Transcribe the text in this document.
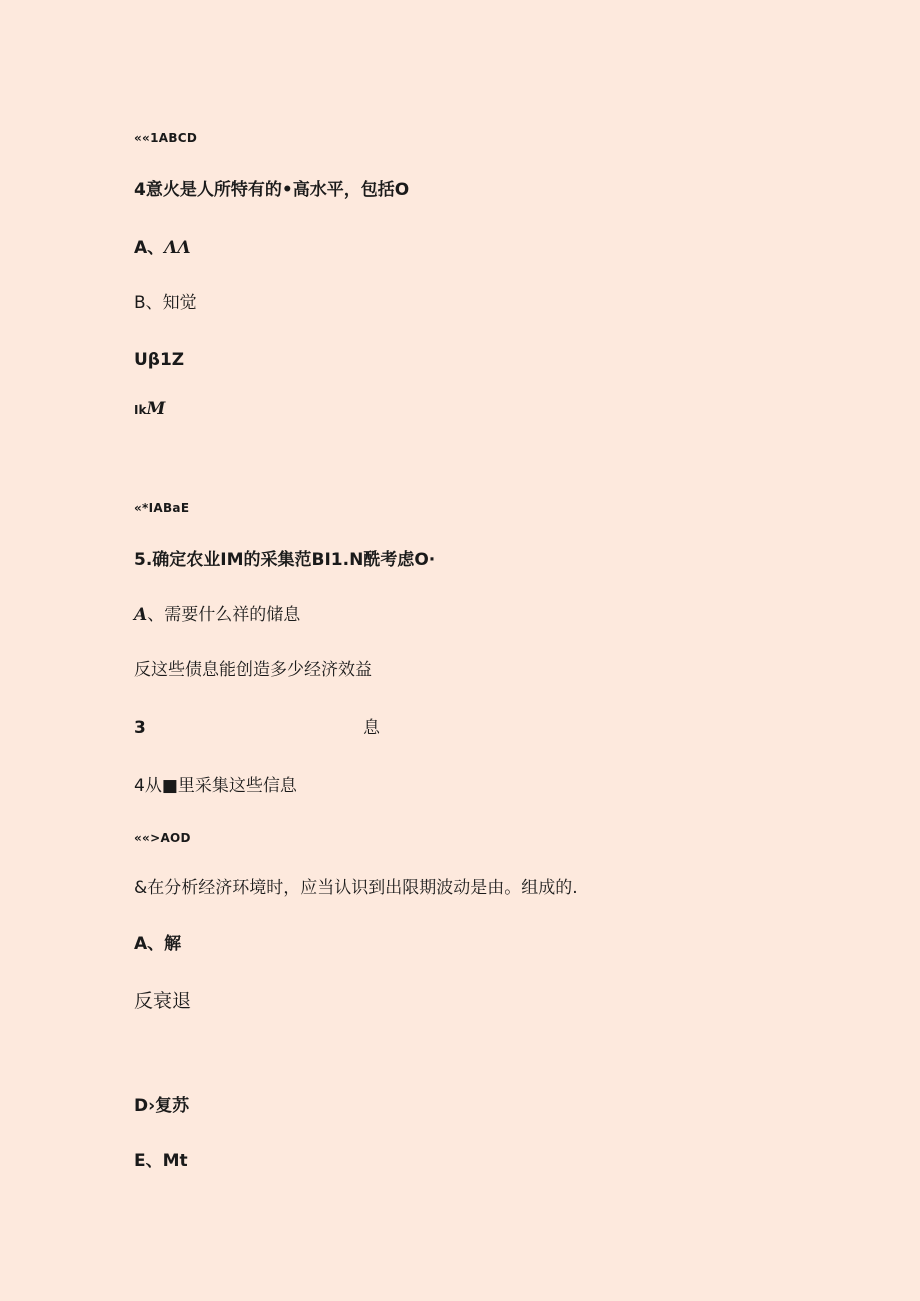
««1ABCD
4意火是人所特有的•高水平，包括O
A、ΛΛ
B、知觉
Uβ1Z
IkM
«*IABaE
5.确定农业IM的采集范BI1.N酰考虑O·
A、需要什么祥的储息
反这些债息能创造多少经济效益
3	息
4从■里采集这些信息
««>AOD
&在分析经济环境时，应当认识到出限期波动是由。组成的.
A、解
反衰退
D›复苏
E、Mt
